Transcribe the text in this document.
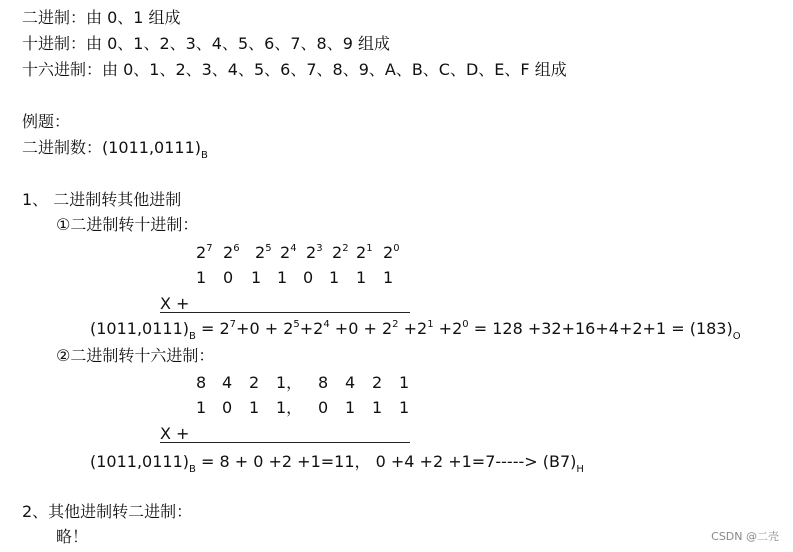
二进制：由 0、1 组成
十进制：由 0、1、2、3、4、5、6、7、8、9 组成
十六进制：由 0、1、2、3、4、5、6、7、8、9、A、B、C、D、E、F 组成
例题：
二进制数：$(1011,0111)_B$
1、 二进制转其他进制
①二进制转十进制：
$2^7$ $2^6$ $2^5$ $2^4$ $2^3$ $2^2$ $2^1$ $2^0$
1 0 1 1 0 1 1 1
X +
$(1011,0111)_B = 2^7+0 + 2^5+2^4 +0 + 2^2 +2^1 +2^0 = 128 +32+16+4+2+1 = (183)_O$
②二进制转十六进制：
8 4 2 1， 8 4 2 1
1 0 1 1， 0 1 1 1
X +
$(1011,0111)_B = 8 + 0 +2 +1=11$， $0 +4 +2 +1=7-----> (B7)_H$
2、其他进制转二进制：
略！	CSDN @二壳
